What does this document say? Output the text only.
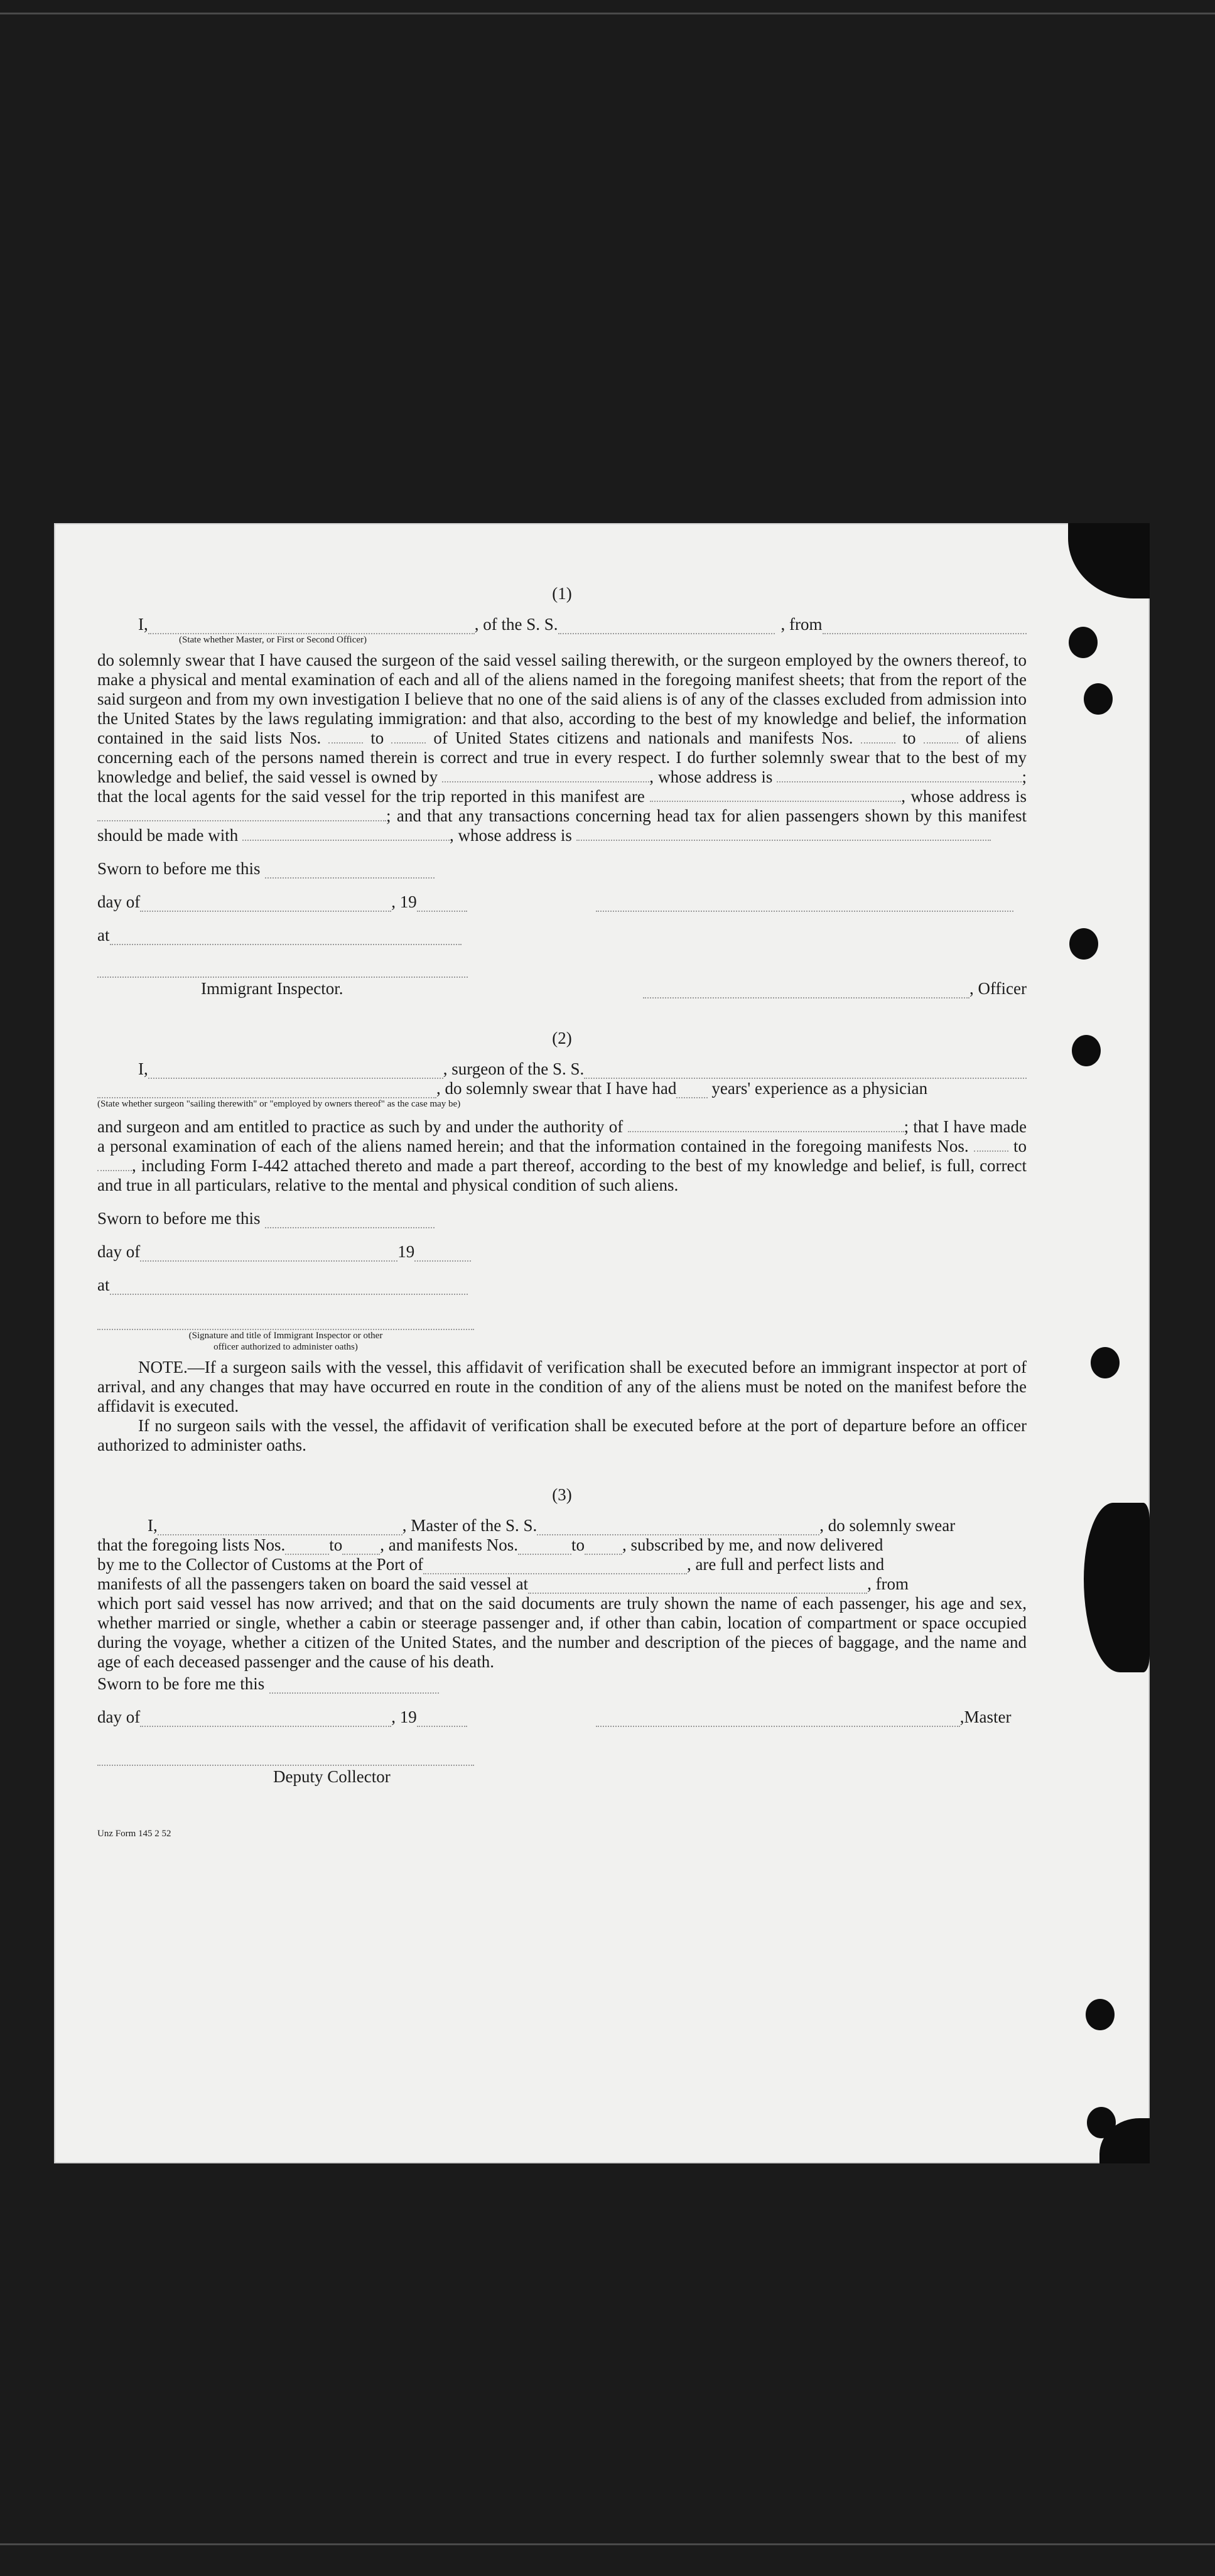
(1)
I,	, of the S. S.	, from
(State whether Master, or First or Second Officer)

do solemnly swear that I have caused the surgeon of the said vessel sailing therewith, or the surgeon employed by the owners thereof, to make a physical and mental examination of each and all of the aliens named in the foregoing manifest sheets; that from the report of the said surgeon and from my own investigation I believe that no one of the said aliens is of any of the classes excluded from admission into the United States by the laws regulating immigration: and that also, according to the best of my knowledge and belief, the information contained in the said lists Nos.	to	of United States citizens and nationals and manifests Nos.	to	of aliens concerning each of the persons named therein is correct and true in every respect. I do further solemnly swear that to the best of my knowledge and belief, the said vessel is owned by	, whose address is	; that the local agents for the said vessel for the trip reported in this manifest are	, whose address is ; and that any transactions concerning head tax for alien passengers shown by this manifest should be made with	, whose address is

Sworn to before me this
day of	, 19
at
Immigrant Inspector.	, Officer
(2)
I,	, surgeon of the S. S.
, do solemnly swear that I have had years' experience as a physician
(State whether surgeon "sailing therewith" or "employed by owners thereof" as the case may be)

and surgeon and am entitled to practice as such by and under the authority of	; that I have made a personal examination of each of the aliens named herein; and that the information contained in the foregoing manifests Nos.	to , including Form I-442 attached thereto and made a part thereof, according to the best of my knowledge and belief, is full, correct and true in all particulars, relative to the mental and physical condition of such aliens.

Sworn to before me this
day of	19
at
(Signature and title of Immigrant Inspector or other
officer authorized to administer oaths)

NOTE.—If a surgeon sails with the vessel, this affidavit of verification shall be executed before an immigrant inspector at port of arrival, and any changes that may have occurred en route in the condition of any of the aliens must be noted on the manifest before the affidavit is executed.

If no surgeon sails with the vessel, the affidavit of verification shall be executed before at the port of departure before an officer authorized to administer oaths.

(3)
I,	, Master of the S. S.	, do solemnly swear
that the foregoing lists Nos.	to , and manifests Nos.	to , subscribed by me, and now delivered
by me to the Collector of Customs at the Port of	, are full and perfect lists and
manifests of all the passengers taken on board the said vessel at	, from

which port said vessel has now arrived; and that on the said documents are truly shown the name of each passenger, his age and sex, whether married or single, whether a cabin or steerage passenger and, if other than cabin, location of compartment or space occupied during the voyage, whether a citizen of the United States, and the number and description of the pieces of baggage, and the name and age of each deceased passenger and the cause of his death.

Sworn to be fore me this
day of	, 19	,Master
Deputy Collector
Unz Form 145 2 52
